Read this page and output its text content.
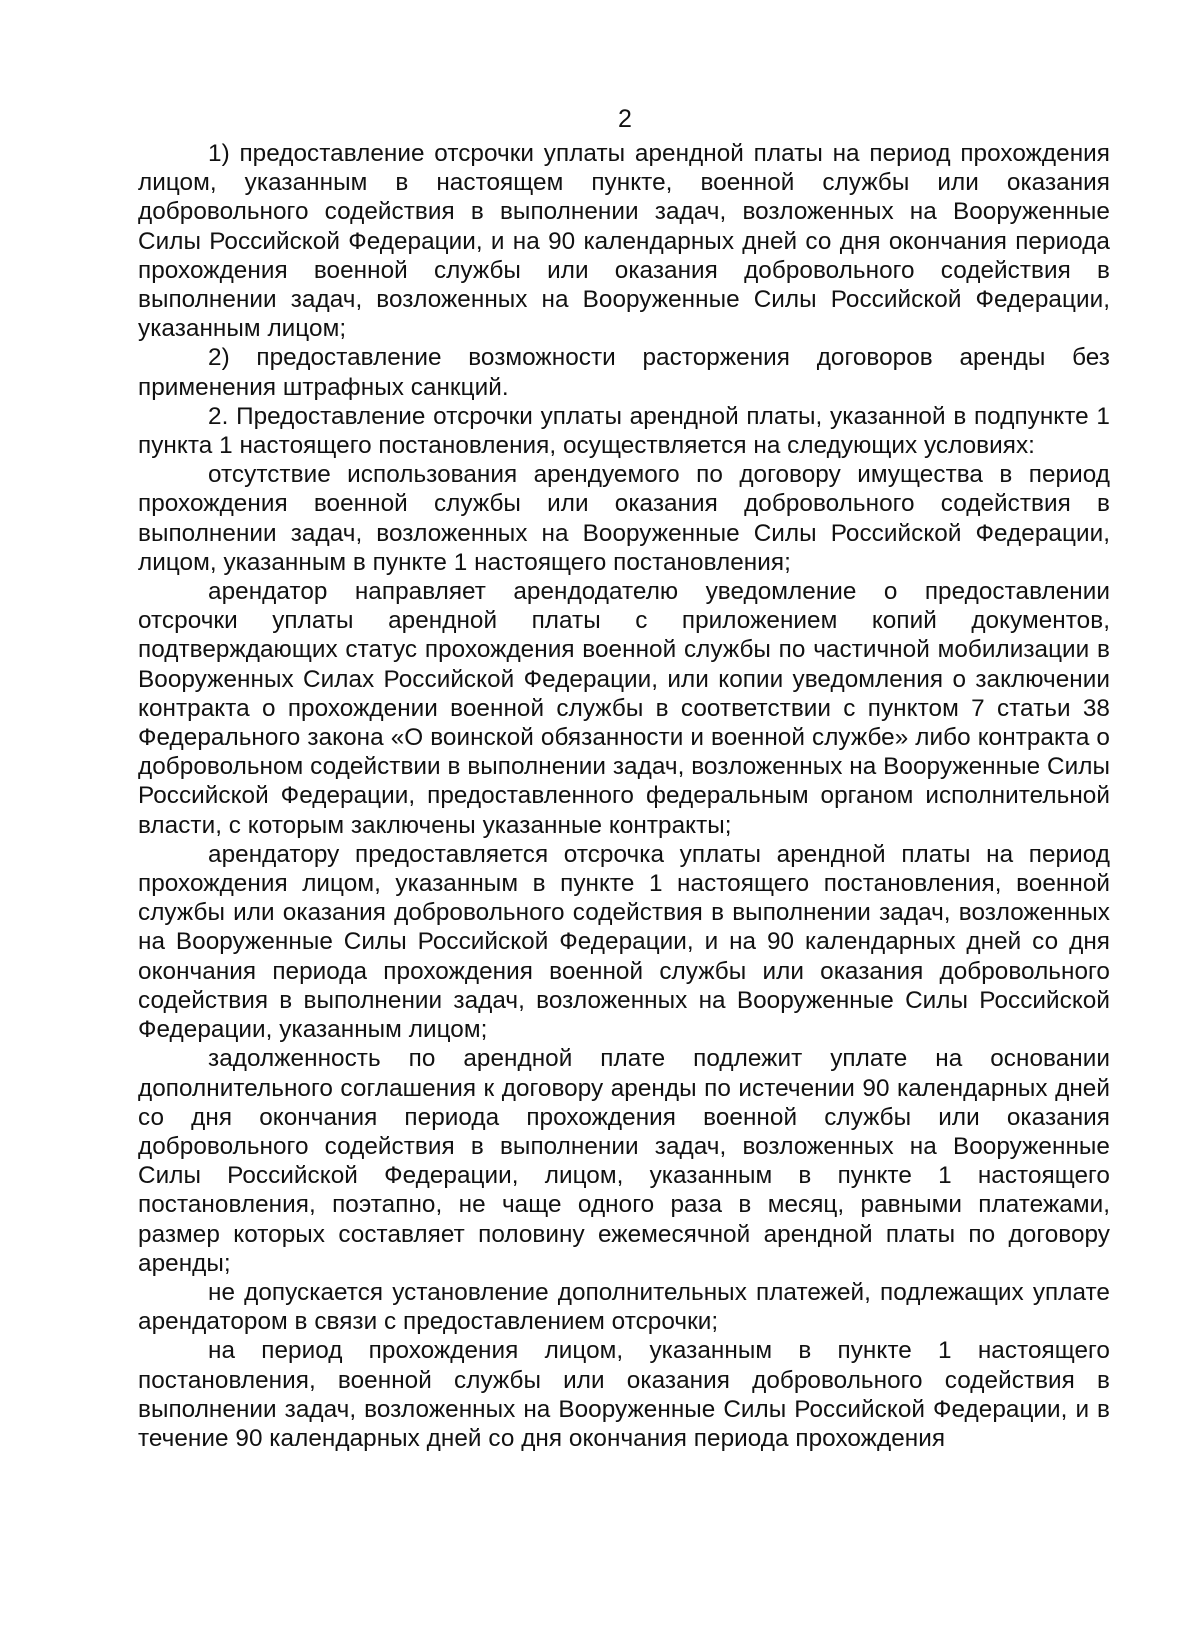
2

1) предоставление отсрочки уплаты арендной платы на период прохождения лицом, указанным в настоящем пункте, военной службы или оказания добровольного содействия в выполнении задач, возложенных на Вооруженные Силы Российской Федерации, и на 90 календарных дней со дня окончания периода прохождения военной службы или оказания добровольного содействия в выполнении задач, возложенных на Вооруженные Силы Российской Федерации, указанным лицом;

2) предоставление возможности расторжения договоров аренды без применения штрафных санкций.

2. Предоставление отсрочки уплаты арендной платы, указанной в подпункте 1 пункта 1 настоящего постановления, осуществляется на следующих условиях:

отсутствие использования арендуемого по договору имущества в период прохождения военной службы или оказания добровольного содействия в выполнении задач, возложенных на Вооруженные Силы Российской Федерации, лицом, указанным в пункте 1 настоящего постановления;

арендатор направляет арендодателю уведомление о предоставлении отсрочки уплаты арендной платы с приложением копий документов, подтверждающих статус прохождения военной службы по частичной мобилизации в Вооруженных Силах Российской Федерации, или копии уведомления о заключении контракта о прохождении военной службы в соответствии с пунктом 7 статьи 38 Федерального закона «О воинской обязанности и военной службе» либо контракта о добровольном содействии в выполнении задач, возложенных на Вооруженные Силы Российской Федерации, предоставленного федеральным органом исполнительной власти, с которым заключены указанные контракты;

арендатору предоставляется отсрочка уплаты арендной платы на период прохождения лицом, указанным в пункте 1 настоящего постановления, военной службы или оказания добровольного содействия в выполнении задач, возложенных на Вооруженные Силы Российской Федерации, и на 90 календарных дней со дня окончания периода прохождения военной службы или оказания добровольного содействия в выполнении задач, возложенных на Вооруженные Силы Российской Федерации, указанным лицом;

задолженность по арендной плате подлежит уплате на основании дополнительного соглашения к договору аренды по истечении 90 календарных дней со дня окончания периода прохождения военной службы или оказания добровольного содействия в выполнении задач, возложенных на Вооруженные Силы Российской Федерации, лицом, указанным в пункте 1 настоящего постановления, поэтапно, не чаще одного раза в месяц, равными платежами, размер которых составляет половину ежемесячной арендной платы по договору аренды;

не допускается установление дополнительных платежей, подлежащих уплате арендатором в связи с предоставлением отсрочки;

на период прохождения лицом, указанным в пункте 1 настоящего постановления, военной службы или оказания добровольного содействия в выполнении задач, возложенных на Вооруженные Силы Российской Федерации, и в течение 90 календарных дней со дня окончания периода прохождения
